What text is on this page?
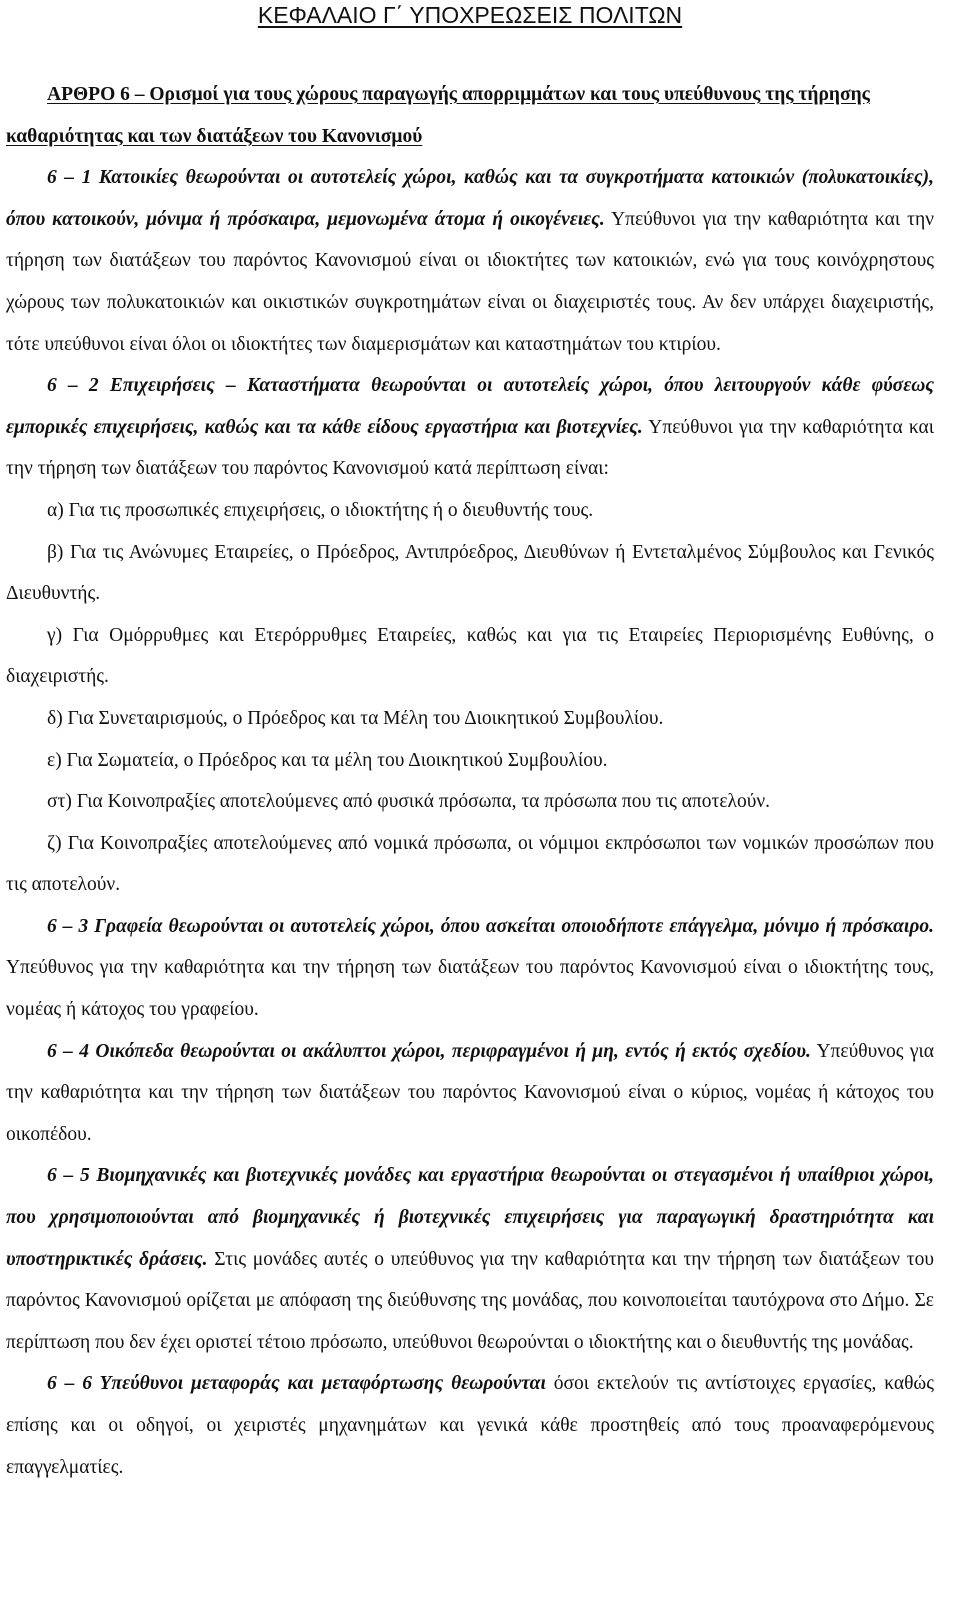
ΚΕΦΑΛΑΙΟ Γ΄ ΥΠΟΧΡΕΩΣΕΙΣ ΠΟΛΙΤΩΝ

ΑΡΘΡΟ 6 – Ορισμοί για τους χώρους παραγωγής απορριμμάτων και τους υπεύθυνους της τήρησης καθαριότητας και των διατάξεων του Κανονισμού

6 – 1 Κατοικίες θεωρούνται οι αυτοτελείς χώροι, καθώς και τα συγκροτήματα κατοικιών (πολυκατοικίες), όπου κατοικούν, μόνιμα ή πρόσκαιρα, μεμονωμένα άτομα ή οικογένειες. Υπεύθυνοι για την καθαριότητα και την τήρηση των διατάξεων του παρόντος Κανονισμού είναι οι ιδιοκτήτες των κατοικιών, ενώ για τους κοινόχρηστους χώρους των πολυκατοικιών και οικιστικών συγκροτημάτων είναι οι διαχειριστές τους. Αν δεν υπάρχει διαχειριστής, τότε υπεύθυνοι είναι όλοι οι ιδιοκτήτες των διαμερισμάτων και καταστημάτων του κτιρίου.

6 – 2 Επιχειρήσεις – Καταστήματα θεωρούνται οι αυτοτελείς χώροι, όπου λειτουργούν κάθε φύσεως εμπορικές επιχειρήσεις, καθώς και τα κάθε είδους εργαστήρια και βιοτεχνίες. Υπεύθυνοι για την καθαριότητα και την τήρηση των διατάξεων του παρόντος Κανονισμού κατά περίπτωση είναι:

α) Για τις προσωπικές επιχειρήσεις, ο ιδιοκτήτης ή ο διευθυντής τους.

β) Για τις Ανώνυμες Εταιρείες, ο Πρόεδρος, Αντιπρόεδρος, Διευθύνων ή Εντεταλμένος Σύμβουλος και Γενικός Διευθυντής.

γ) Για Ομόρρυθμες και Ετερόρρυθμες Εταιρείες, καθώς και για τις Εταιρείες Περιορισμένης Ευθύνης, ο διαχειριστής.

δ) Για Συνεταιρισμούς, ο Πρόεδρος και τα Μέλη του Διοικητικού Συμβουλίου.

ε) Για Σωματεία, ο Πρόεδρος και τα μέλη του Διοικητικού Συμβουλίου.

στ) Για Κοινοπραξίες αποτελούμενες από φυσικά πρόσωπα, τα πρόσωπα που τις αποτελούν.

ζ) Για Κοινοπραξίες αποτελούμενες από νομικά πρόσωπα, οι νόμιμοι εκπρόσωποι των νομικών προσώπων που τις αποτελούν.

6 – 3 Γραφεία θεωρούνται οι αυτοτελείς χώροι, όπου ασκείται οποιοδήποτε επάγγελμα, μόνιμο ή πρόσκαιρο. Υπεύθυνος για την καθαριότητα και την τήρηση των διατάξεων του παρόντος Κανονισμού είναι ο ιδιοκτήτης τους, νομέας ή κάτοχος του γραφείου.

6 – 4 Οικόπεδα θεωρούνται οι ακάλυπτοι χώροι, περιφραγμένοι ή μη, εντός ή εκτός σχεδίου. Υπεύθυνος για την καθαριότητα και την τήρηση των διατάξεων του παρόντος Κανονισμού είναι ο κύριος, νομέας ή κάτοχος του οικοπέδου.

6 – 5 Βιομηχανικές και βιοτεχνικές μονάδες και εργαστήρια θεωρούνται οι στεγασμένοι ή υπαίθριοι χώροι, που χρησιμοποιούνται από βιομηχανικές ή βιοτεχνικές επιχειρήσεις για παραγωγική δραστηριότητα και υποστηρικτικές δράσεις. Στις μονάδες αυτές ο υπεύθυνος για την καθαριότητα και την τήρηση των διατάξεων του παρόντος Κανονισμού ορίζεται με απόφαση της διεύθυνσης της μονάδας, που κοινοποιείται ταυτόχρονα στο Δήμο. Σε περίπτωση που δεν έχει οριστεί τέτοιο πρόσωπο, υπεύθυνοι θεωρούνται ο ιδιοκτήτης και ο διευθυντής της μονάδας.

6 – 6 Υπεύθυνοι μεταφοράς και μεταφόρτωσης θεωρούνται όσοι εκτελούν τις αντίστοιχες εργασίες, καθώς επίσης και οι οδηγοί, οι χειριστές μηχανημάτων και γενικά κάθε προστηθείς από τους προαναφερόμενους επαγγελματίες.
